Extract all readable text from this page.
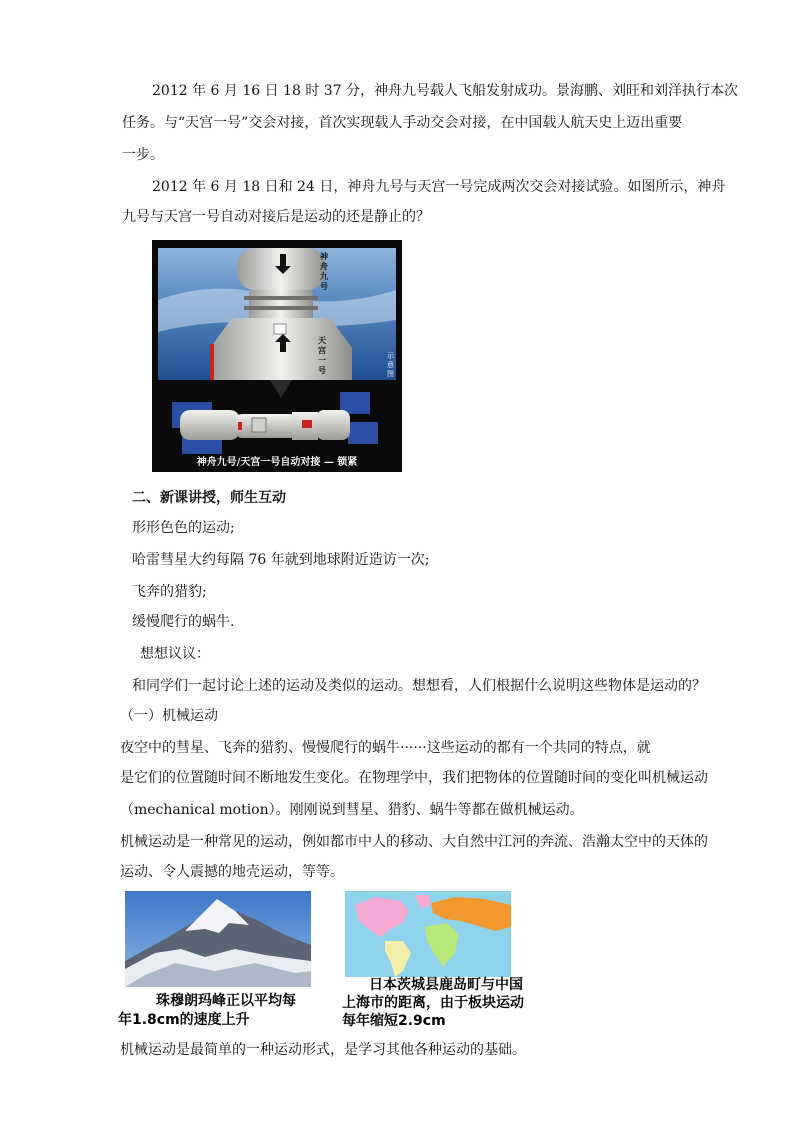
2012 年 6 月 16 日 18 时 37 分，神舟九号载人飞船发射成功。景海鹏、刘旺和刘洋执行本次
任务。与“天宫一号”交会对接，首次实现载人手动交会对接，在中国载人航天史上迈出重要
一步。
2012 年 6 月 18 日和 24 日，神舟九号与天宫一号完成两次交会对接试验。如图所示，神舟
九号与天宫一号自动对接后是运动的还是静止的？
神舟九号
天宫一号
示意图
神舟九号/天宫一号自动对接 — 锁紧
二、新课讲授，师生互动
形形色色的运动;
哈雷彗星大约每隔 76 年就到地球附近造访一次;
飞奔的猎豹;
缓慢爬行的蜗牛.
想想议议：
和同学们一起讨论上述的运动及类似的运动。想想看，人们根据什么说明这些物体是运动的？
（一）机械运动
夜空中的彗星、飞奔的猎豹、慢慢爬行的蜗牛······这些运动的都有一个共同的特点，就
是它们的位置随时间不断地发生变化。在物理学中，我们把物体的位置随时间的变化叫机械运动
（mechanical motion）。刚刚说到彗星、猎豹、蜗牛等都在做机械运动。
机械运动是一种常见的运动，例如都市中人的移动、大自然中江河的奔流、浩瀚太空中的天体的
运动、令人震撼的地壳运动，等等。
珠穆朗玛峰正以平均每
年1.8cm的速度上升
日本茨城县鹿岛町与中国
上海市的距离，由于板块运动
每年缩短2.9cm
机械运动是最简单的一种运动形式，是学习其他各种运动的基础。
